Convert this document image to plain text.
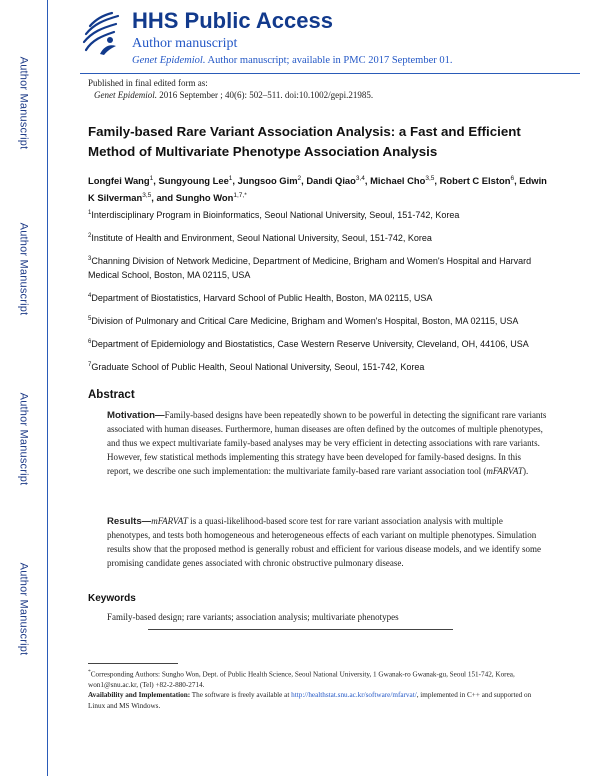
Author Manuscript
Author Manuscript
Author Manuscript
Author Manuscript
HHS Public Access
Author manuscript
Genet Epidemiol. Author manuscript; available in PMC 2017 September 01.
Published in final edited form as:
Genet Epidemiol. 2016 September ; 40(6): 502–511. doi:10.1002/gepi.21985.
Family-based Rare Variant Association Analysis: a Fast and Efficient Method of Multivariate Phenotype Association Analysis
Longfei Wang$^1$, Sungyoung Lee$^1$, Jungsoo Gim$^2$, Dandi Qiao$^{3,4}$, Michael Cho$^{3,5}$, Robert C Elston$^6$, Edwin K Silverman$^{3,5}$, and Sungho Won$^{1,7,*}$
$^1$Interdisciplinary Program in Bioinformatics, Seoul National University, Seoul, 151-742, Korea
$^2$Institute of Health and Environment, Seoul National University, Seoul, 151-742, Korea
$^3$Channing Division of Network Medicine, Department of Medicine, Brigham and Women's Hospital and Harvard Medical School, Boston, MA 02115, USA
$^4$Department of Biostatistics, Harvard School of Public Health, Boston, MA 02115, USA
$^5$Division of Pulmonary and Critical Care Medicine, Brigham and Women's Hospital, Boston, MA 02115, USA
$^6$Department of Epidemiology and Biostatistics, Case Western Reserve University, Cleveland, OH, 44106, USA
$^7$Graduate School of Public Health, Seoul National University, Seoul, 151-742, Korea
Abstract
Motivation—Family-based designs have been repeatedly shown to be powerful in detecting the significant rare variants associated with human diseases. Furthermore, human diseases are often defined by the outcomes of multiple phenotypes, and thus we expect multivariate family-based analyses may be very efficient in detecting associations with rare variants. However, few statistical methods implementing this strategy have been developed for family-based designs. In this report, we describe one such implementation: the multivariate family-based rare variant association tool (mFARVAT).
Results—mFARVAT is a quasi-likelihood-based score test for rare variant association analysis with multiple phenotypes, and tests both homogeneous and heterogeneous effects of each variant on multiple phenotypes. Simulation results show that the proposed method is generally robust and efficient for various disease models, and we identify some promising candidate genes associated with chronic obstructive pulmonary disease.
Keywords
Family-based design; rare variants; association analysis; multivariate phenotypes
*Corresponding Authors: Sungho Won, Dept. of Public Health Science, Seoul National University, 1 Gwanak-ro Gwanak-gu, Seoul 151-742, Korea, won1@snu.ac.kr, (Tel) +82-2-880-2714.
Availability and Implementation: The software is freely available at http://healthstat.snu.ac.kr/software/mfarvat/, implemented in C++ and supported on Linux and MS Windows.
